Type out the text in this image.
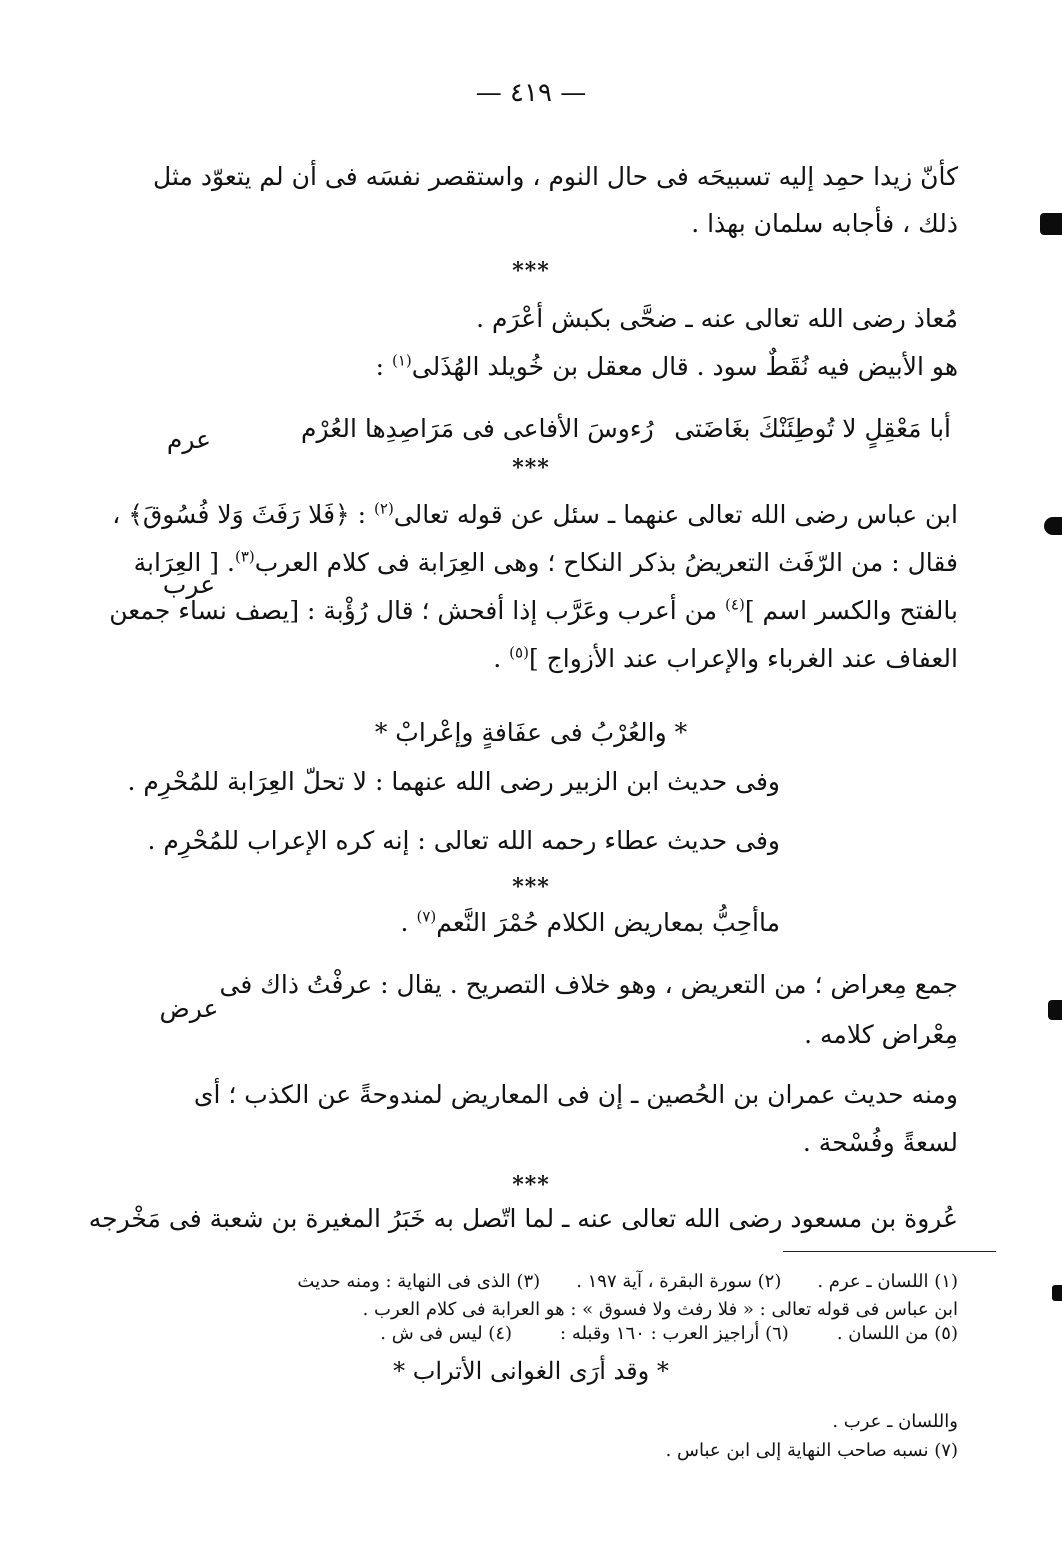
— ٤١٩ —
كأنّ زيدا حمِد إليه تسبيحَه فى حال النوم ، واستقصر نفسَه فى أن لم يتعوّد مثل
ذلك ، فأجابه سلمان بهذا .
***
مُعاذ رضى الله تعالى عنه ـ ضحَّى بكبش أعْرَم .
هو الأبيض فيه نُقَطٌ سود . قال معقل بن خُويلد الهُذَلى$^{(١)}$ :
أبا مَعْقِلٍ لا تُوطِئَنْكَ بغَاضَتى
رُءوسَ الأفاعى فى مَرَاصِدِها العُرْم
عرم
***
ابن عباس رضى الله تعالى عنهما ـ سئل عن قوله تعالى$^{(٢)}$ : ﴿فَلا رَفَثَ وَلا فُسُوقَ﴾ ،
فقال : من الرّفَث التعريضُ بذكر النكاح ؛ وهى العِرَابة فى كلام العرب$^{(٣)}$. [ العِرَابة
بالفتح والكسر اسم ]$^{(٤)}$ من أعرب وعَرَّب إذا أفحش ؛ قال رُؤْبة : [يصف نساء جمعن
العفاف عند الغرباء والإعراب عند الأزواج ]$^{(٥)}$ .
عرب
* والعُرْبُ فى عفَافةٍ وإعْرابْ *
وفى حديث ابن الزبير رضى الله عنهما : لا تحلّ العِرَابة للمُحْرِم .
وفى حديث عطاء رحمه الله تعالى : إنه كره الإعراب للمُحْرِم .
***
ماأحِبُّ بمعاريض الكلام حُمْرَ النَّعم$^{(٧)}$ .
جمع مِعراض ؛ من التعريض ، وهو خلاف التصريح . يقال : عرفْتُ ذاك فى
مِعْراض كلامه .
عرض
ومنه حديث عمران بن الحُصين ـ إن فى المعاريض لمندوحةً عن الكذب ؛ أى
لسعةً وفُسْحة .
***
عُروة بن مسعود رضى الله تعالى عنه ـ لما اتّصل به خَبَرُ المغيرة بن شعبة فى مَخْرجه
(١) اللسان ـ عرم .
(٢) سورة البقرة ، آية ١٩٧ .
(٣) الذى فى النهاية : ومنه حديث
ابن عباس فى قوله تعالى : « فلا رفث ولا فسوق » : هو العرابة فى كلام العرب .
(٤) ليس فى ش .	(٥) من اللسان .
(٦) أراجيز العرب : ١٦٠ وقبله :
* وقد أرَى الغوانى الأتراب *
واللسان ـ عرب .
(٧) نسبه صاحب النهاية إلى ابن عباس .
